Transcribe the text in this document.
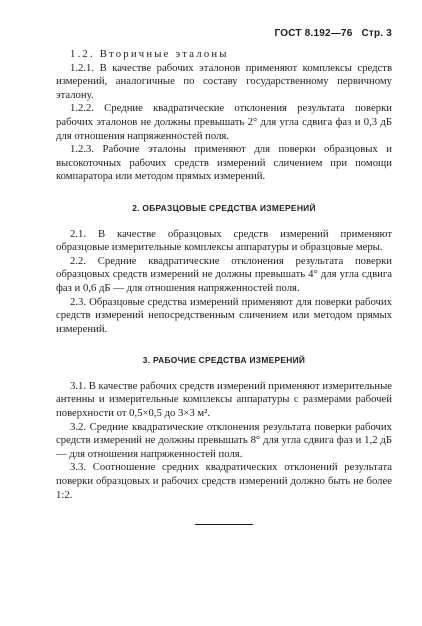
ГОСТ 8.192—76 Стр. 3

1.2. Вторичные эталоны

1.2.1. В качестве рабочих эталонов применяют комплексы средств измерений, аналогичные по составу государственному первичному эталону.

1.2.2. Средние квадратические отклонения результата поверки рабочих эталонов не должны превышать 2° для угла сдвига фаз и 0,3 дБ для отношения напряженностей поля.

1.2.3. Рабочие эталоны применяют для поверки образцовых и высокоточных рабочих средств измерений сличением при помощи компаратора или методом прямых измерений.

2. ОБРАЗЦОВЫЕ СРЕДСТВА ИЗМЕРЕНИЙ

2.1. В качестве образцовых средств измерений применяют образцовые измерительные комплексы аппаратуры и образцовые меры.

2.2. Средние квадратические отклонения результата поверки образцовых средств измерений не должны превышать 4° для угла сдвига фаз и 0,6 дБ — для отношения напряженностей поля.

2.3. Образцовые средства измерений применяют для поверки рабочих средств измерений непосредственным сличением или методом прямых измерений.

3. РАБОЧИЕ СРЕДСТВА ИЗМЕРЕНИЙ

3.1. В качестве рабочих средств измерений применяют измерительные антенны и измерительные комплексы аппаратуры с размерами рабочей поверхности от 0,5×0,5 до 3×3 м².

3.2. Средние квадратические отклонения результата поверки рабочих средств измерений не должны превышать 8° для угла сдвига фаз и 1,2 дБ — для отношения напряженностей поля.

3.3. Соотношение средних квадратических отклонений результата поверки образцовых и рабочих средств измерений должно быть не более 1:2.
